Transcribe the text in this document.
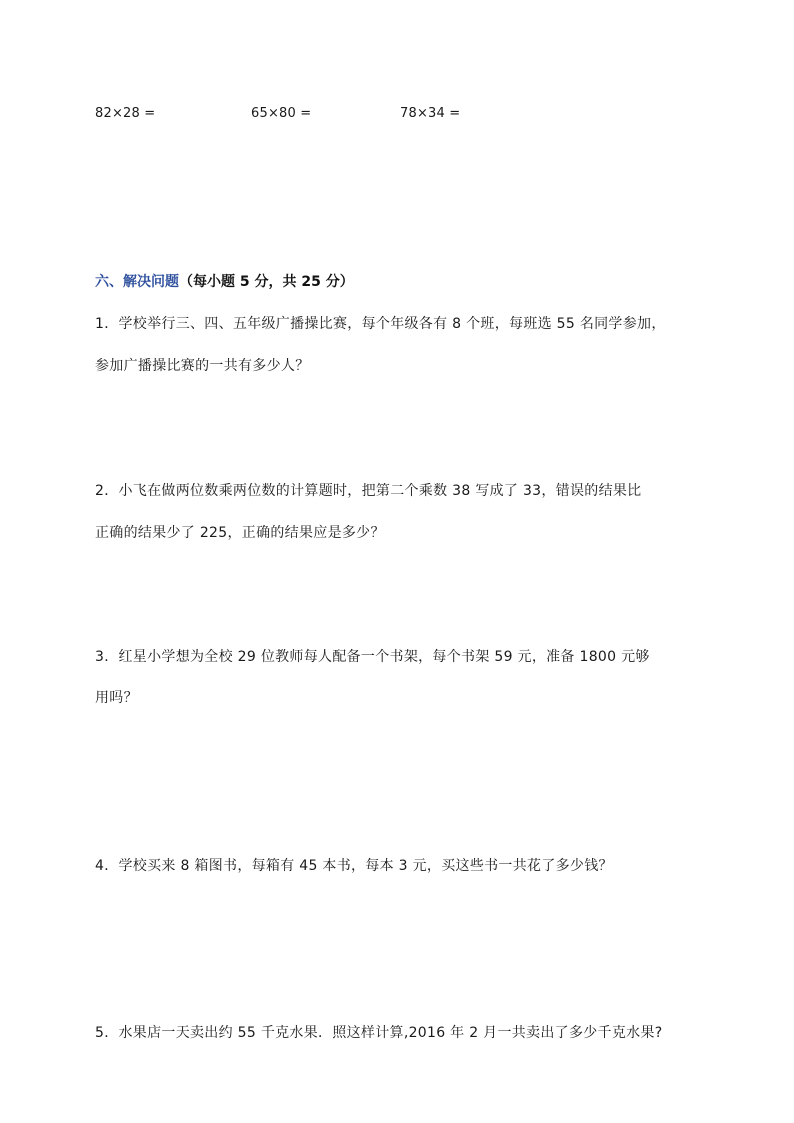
82×28 =	65×80 =	78×34 =
六、解决问题（每小题 5 分，共 25 分）
1．学校举行三、四、五年级广播操比赛，每个年级各有 8 个班，每班选 55 名同学参加，
参加广播操比赛的一共有多少人？
2．小飞在做两位数乘两位数的计算题时，把第二个乘数 38 写成了 33，错误的结果比
正确的结果少了 225，正确的结果应是多少？
3．红星小学想为全校 29 位教师每人配备一个书架，每个书架 59 元，准备 1800 元够
用吗？
4．学校买来 8 箱图书，每箱有 45 本书，每本 3 元，买这些书一共花了多少钱？
5．水果店一天卖出约 55 千克水果．照这样计算,2016 年 2 月一共卖出了多少千克水果?
